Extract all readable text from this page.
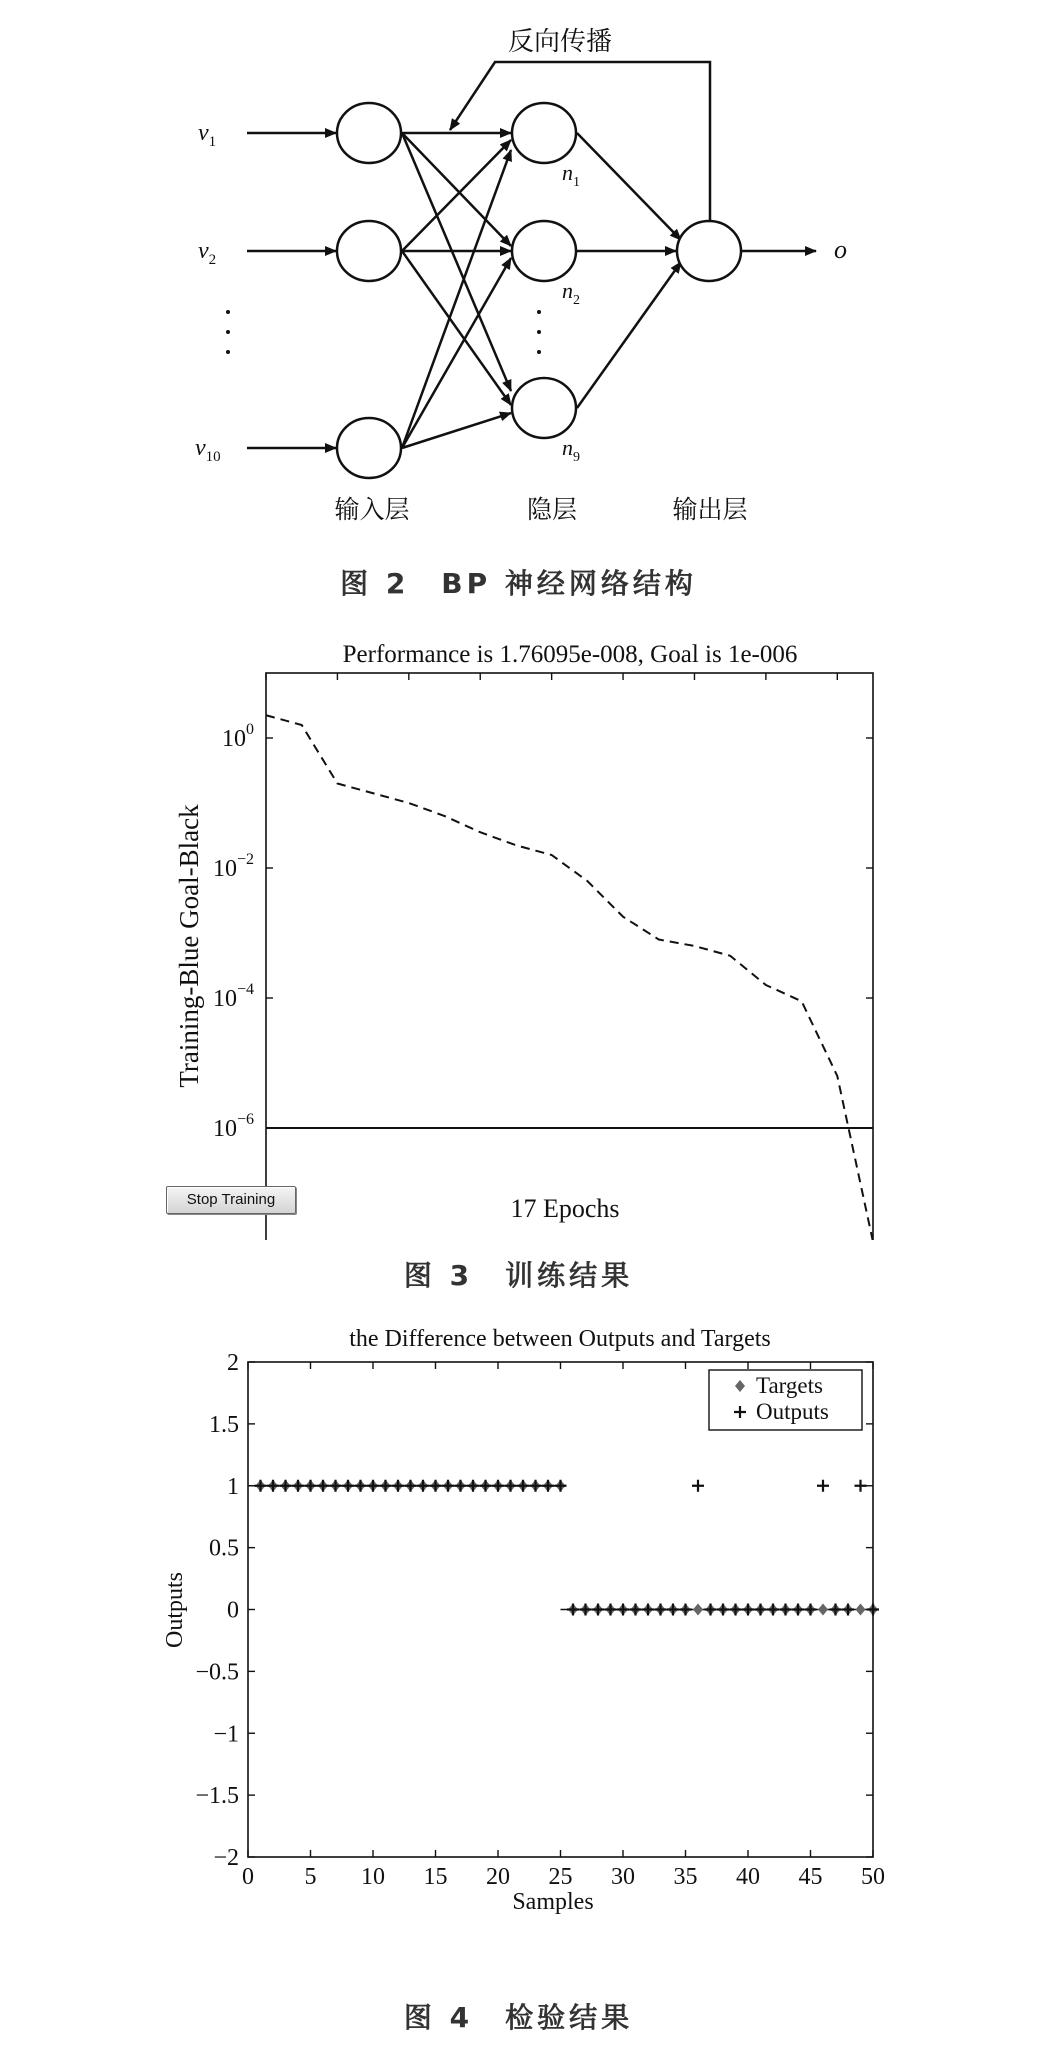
反向传播
$v_1$
$v_2$
$v_{10}$
$n_1$
$n_2$
$n_9$
o
输入层	隐层	输出层
图 2　BP 神经网络结构
Performance is 1.76095e-008, Goal is 1e-006
$10^0$
$10^{-2}$
$10^{-4}$
$10^{-6}$
17 Epochs
Training-Blue Goal-Black
Stop Training
图 3　训练结果
the Difference between Outputs and Targets
0 5 10 15 20 25 30 35 40 45 50
2
1.5
1
0.5
0
−0.5
−1
−1.5
−2
Targets
Outputs
Samples
Outputs
图 4　检验结果
